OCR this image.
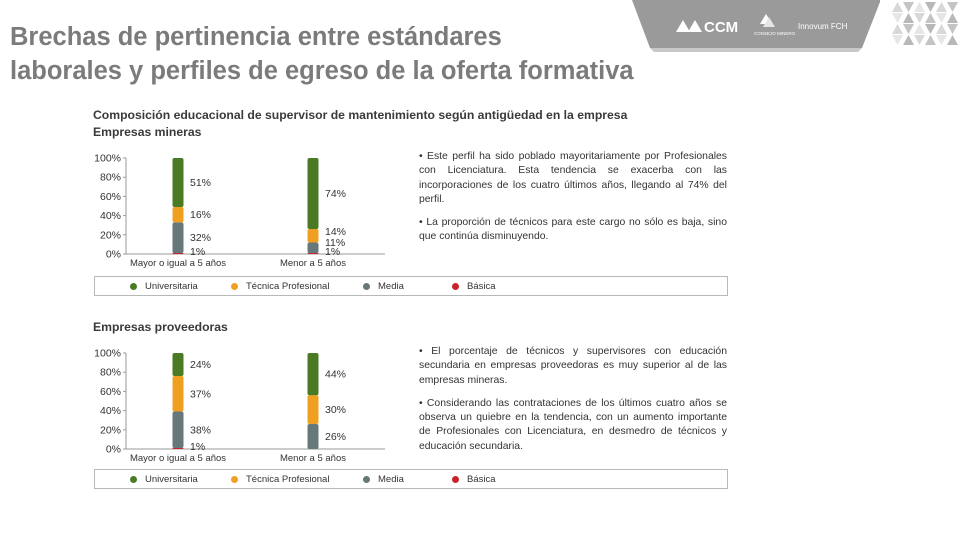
Brechas de pertinencia entre estándares
laborales y perfiles de egreso de la oferta formativa
CCM	CONSEJO MINERO
Innovum FCH
Composición educacional de supervisor de mantenimiento según antigüedad en la empresa
Empresas mineras
0%
20%
40%
60%
80%
100%
1%
32%
16%
51%
Mayor o igual a 5 años
1%
11%
14%
74%
Menor a 5 años

• Este perfil ha sido poblado mayoritariamente por Profesionales con Licenciatura. Esta tendencia se exacerba con las incorporaciones de los cuatro últimos años, llegando al 74% del perfil.

• La proporción de técnicos para este cargo no sólo es baja, sino que continúa disminuyendo.

Universitaria	Técnica Profesional	Media	Básica
Empresas proveedoras
0%
20%
40%
60%
80%
100%
1%
38%
37%
24%
Mayor o igual a 5 años
26%
30%
44%
Menor a 5 años

• El porcentaje de técnicos y supervisores con educación secundaria en empresas proveedoras es muy superior al de las empresas mineras.

• Considerando las contrataciones de los últimos cuatro años se observa un quiebre en la tendencia, con un aumento importante de Profesionales con Licenciatura, en desmedro de técnicos y educación secundaria.

Universitaria	Técnica Profesional	Media	Básica
